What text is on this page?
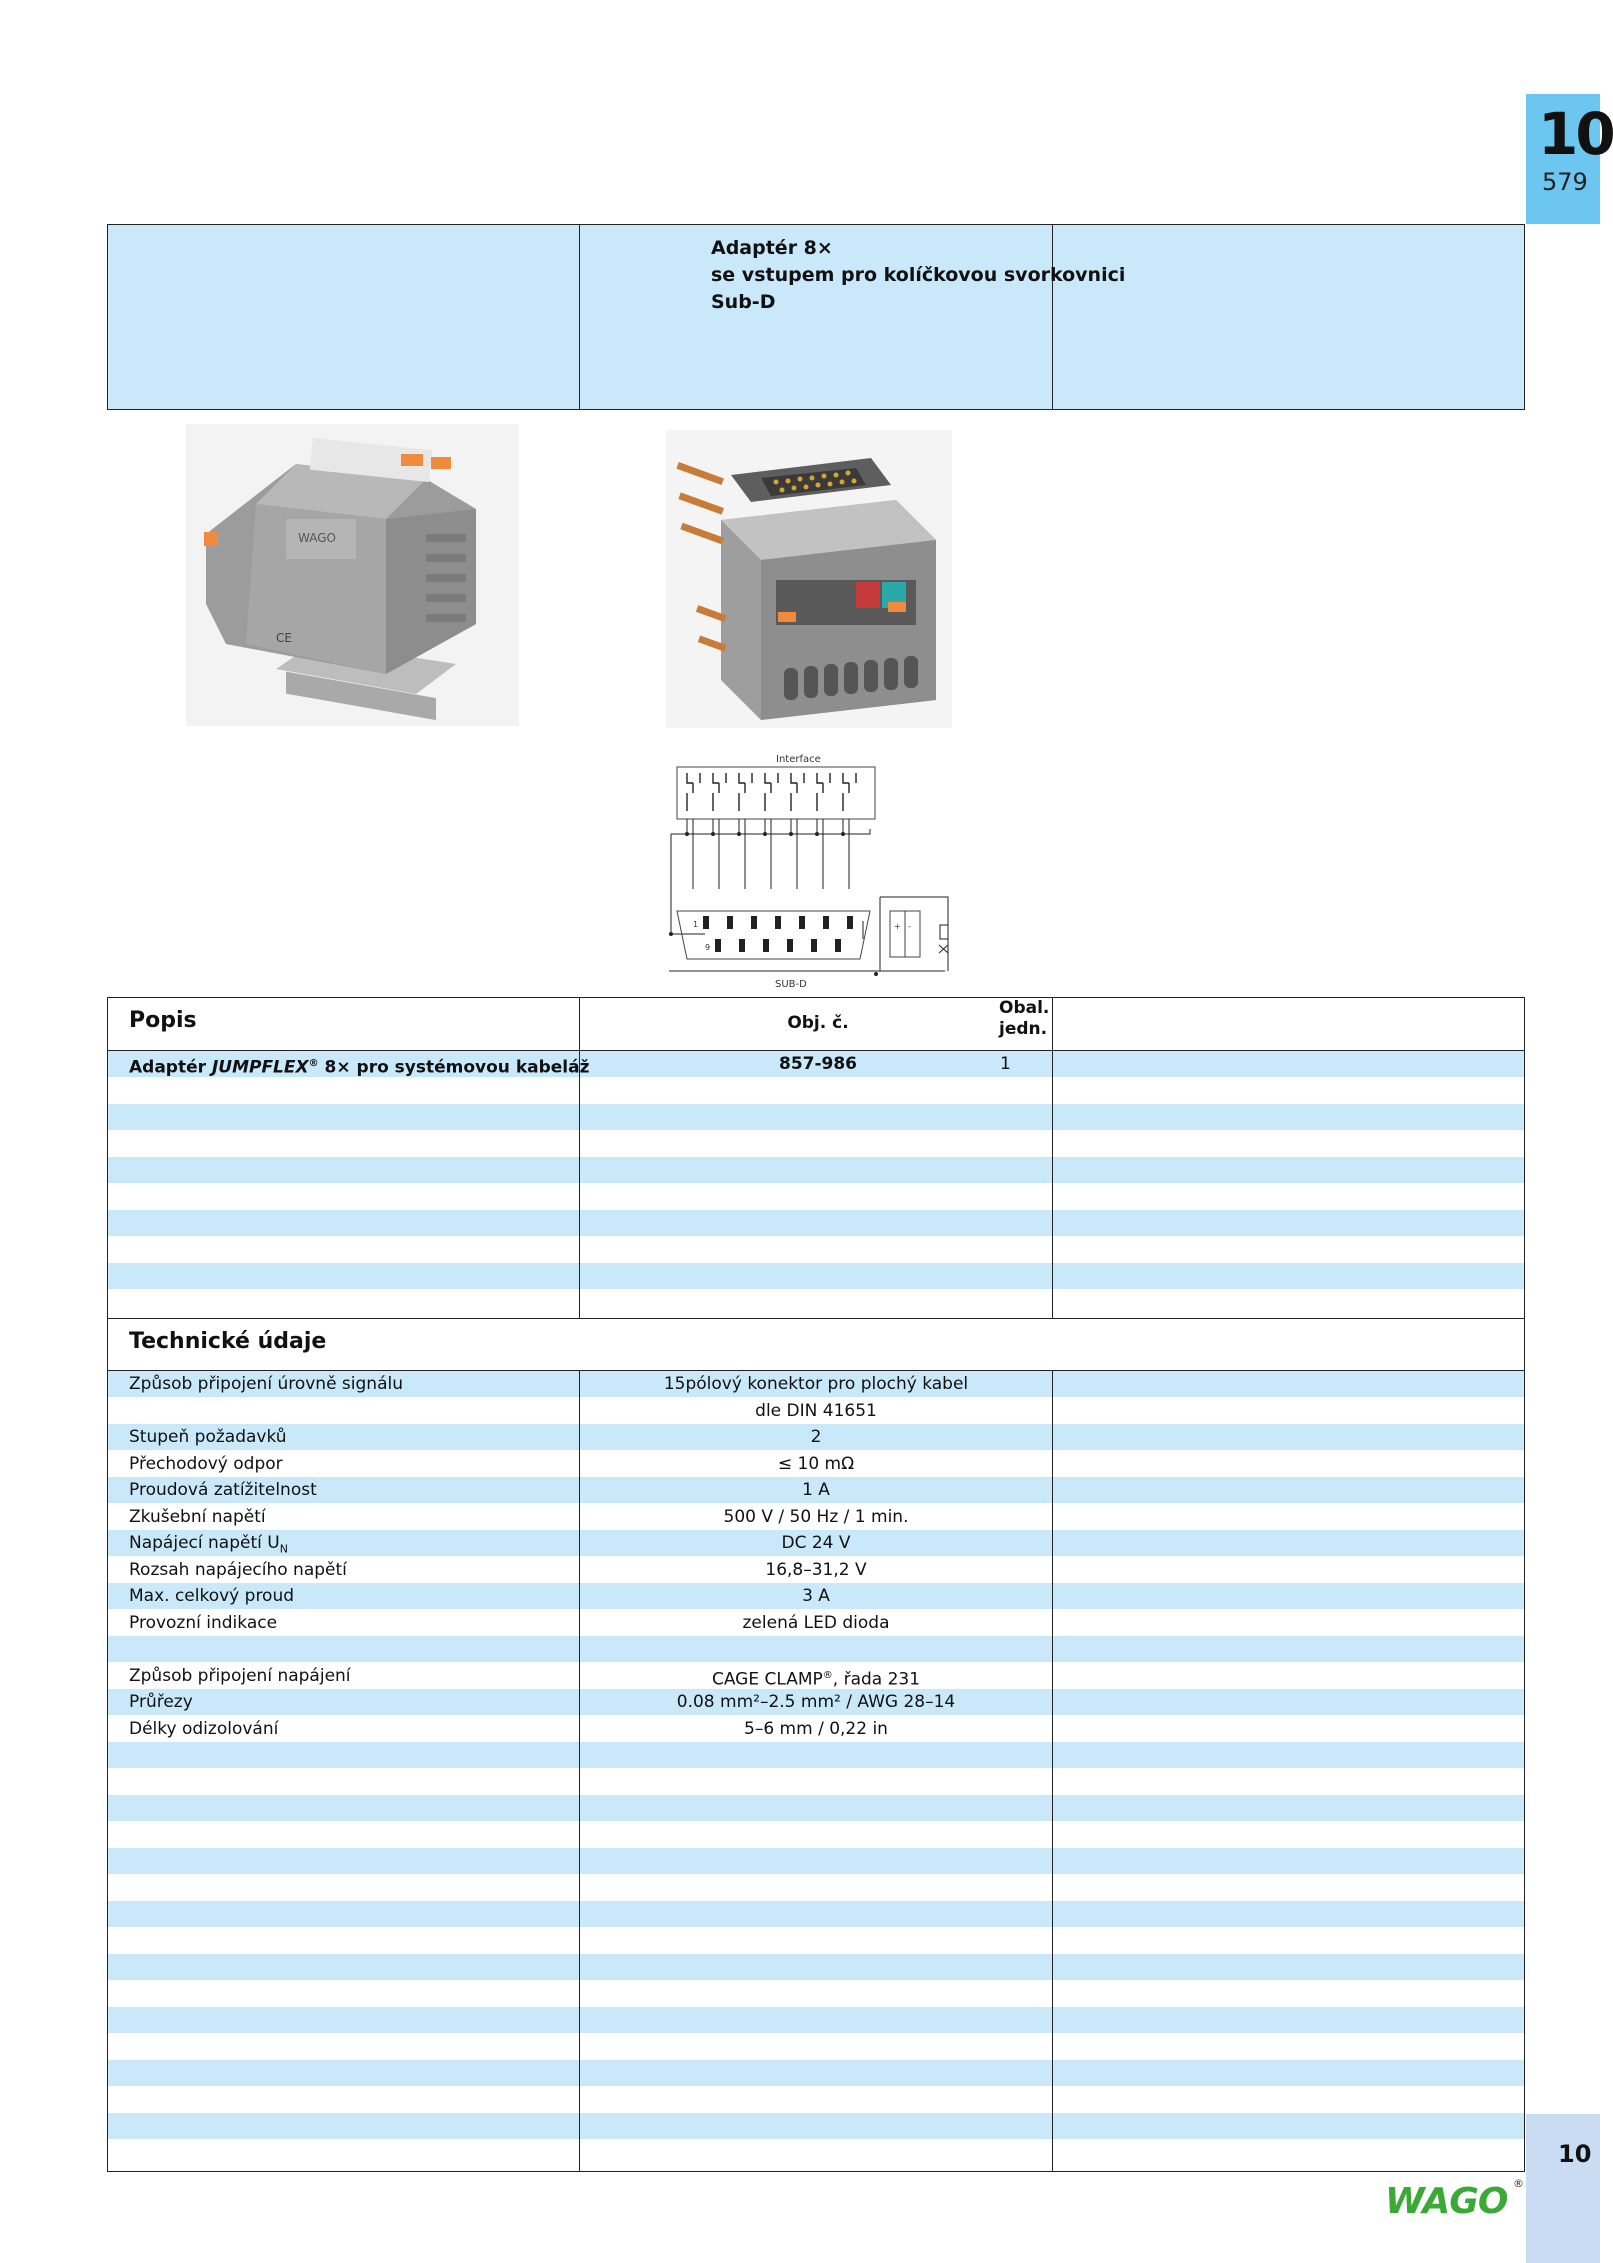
10
579
Adaptér 8×
se vstupem pro kolíčkovou svorkovnici
Sub-D
WAGO
CE
Interface
1
9
+ -
SUB-D
Popis	Obj. č.
Obal.
jedn.
Adaptér JUMPFLEX® 8× pro systémovou kabeláž	857-986	1
Technické údaje
Způsob připojení úrovně signálu	15pólový konektor pro plochý kabel
dle DIN 41651
Stupeň požadavků	2
Přechodový odpor	≤ 10 mΩ
Proudová zatížitelnost	1 A
Zkušební napětí	500 V / 50 Hz / 1 min.
Napájecí napětí $U_N$	DC 24 V
Rozsah napájecího napětí	16,8–31,2 V
Max. celkový proud	3 A
Provozní indikace	zelená LED dioda
Způsob připojení napájení	CAGE CLAMP®, řada 231
Průřezy	0.08 mm²–2.5 mm² / AWG 28–14
Délky odizolování	5–6 mm / 0,22 in
10
WAGO ®
